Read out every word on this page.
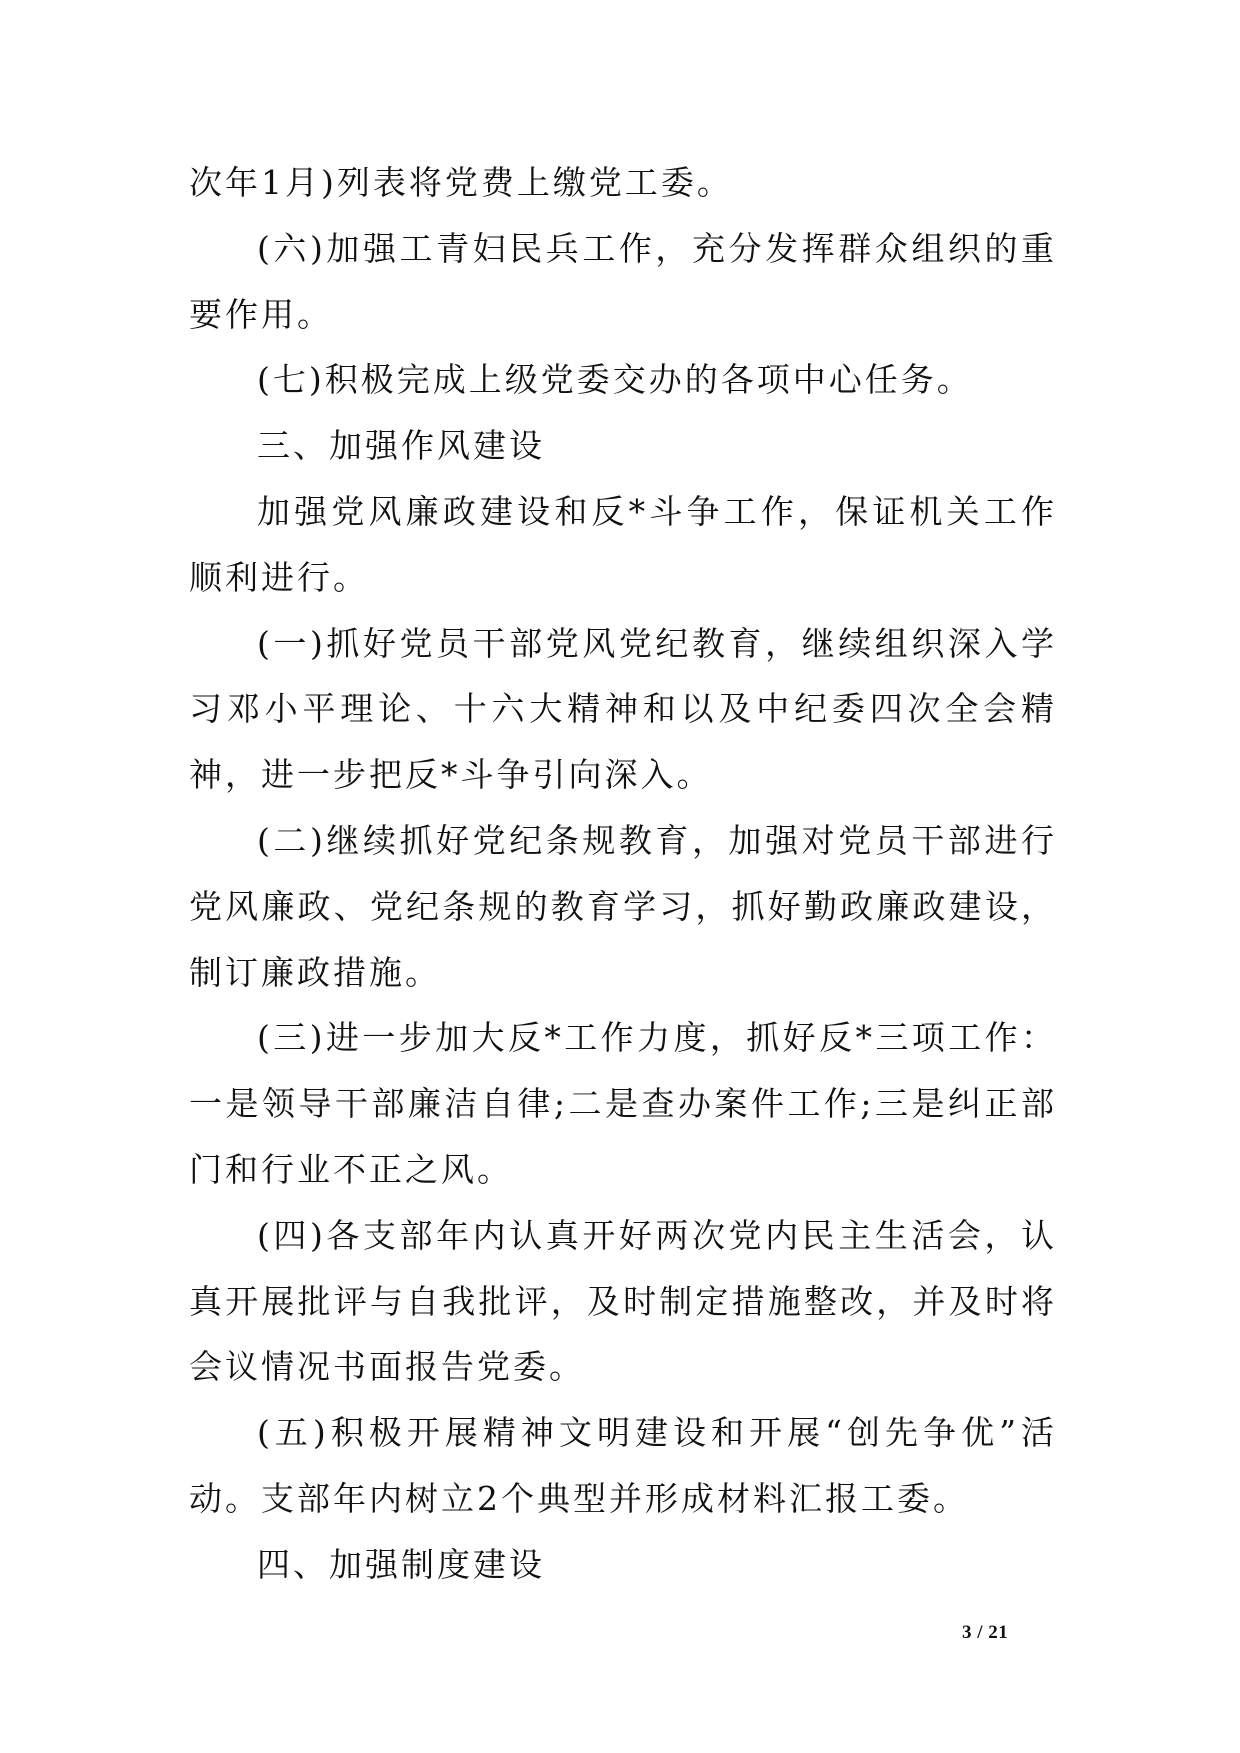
次年1月)列表将党费上缴党工委。

(六)加强工青妇民兵工作，充分发挥群众组织的重要作用。

(七)积极完成上级党委交办的各项中心任务。

三、加强作风建设

加强党风廉政建设和反*斗争工作，保证机关工作顺利进行。

(一)抓好党员干部党风党纪教育，继续组织深入学习邓小平理论、十六大精神和以及中纪委四次全会精神，进一步把反*斗争引向深入。

(二)继续抓好党纪条规教育，加强对党员干部进行党风廉政、党纪条规的教育学习，抓好勤政廉政建设，制订廉政措施。

(三)进一步加大反*工作力度，抓好反*三项工作：一是领导干部廉洁自律;二是查办案件工作;三是纠正部门和行业不正之风。

(四)各支部年内认真开好两次党内民主生活会，认真开展批评与自我批评，及时制定措施整改，并及时将会议情况书面报告党委。

(五)积极开展精神文明建设和开展“创先争优”活动。支部年内树立2个典型并形成材料汇报工委。

四、加强制度建设

3 / 21
